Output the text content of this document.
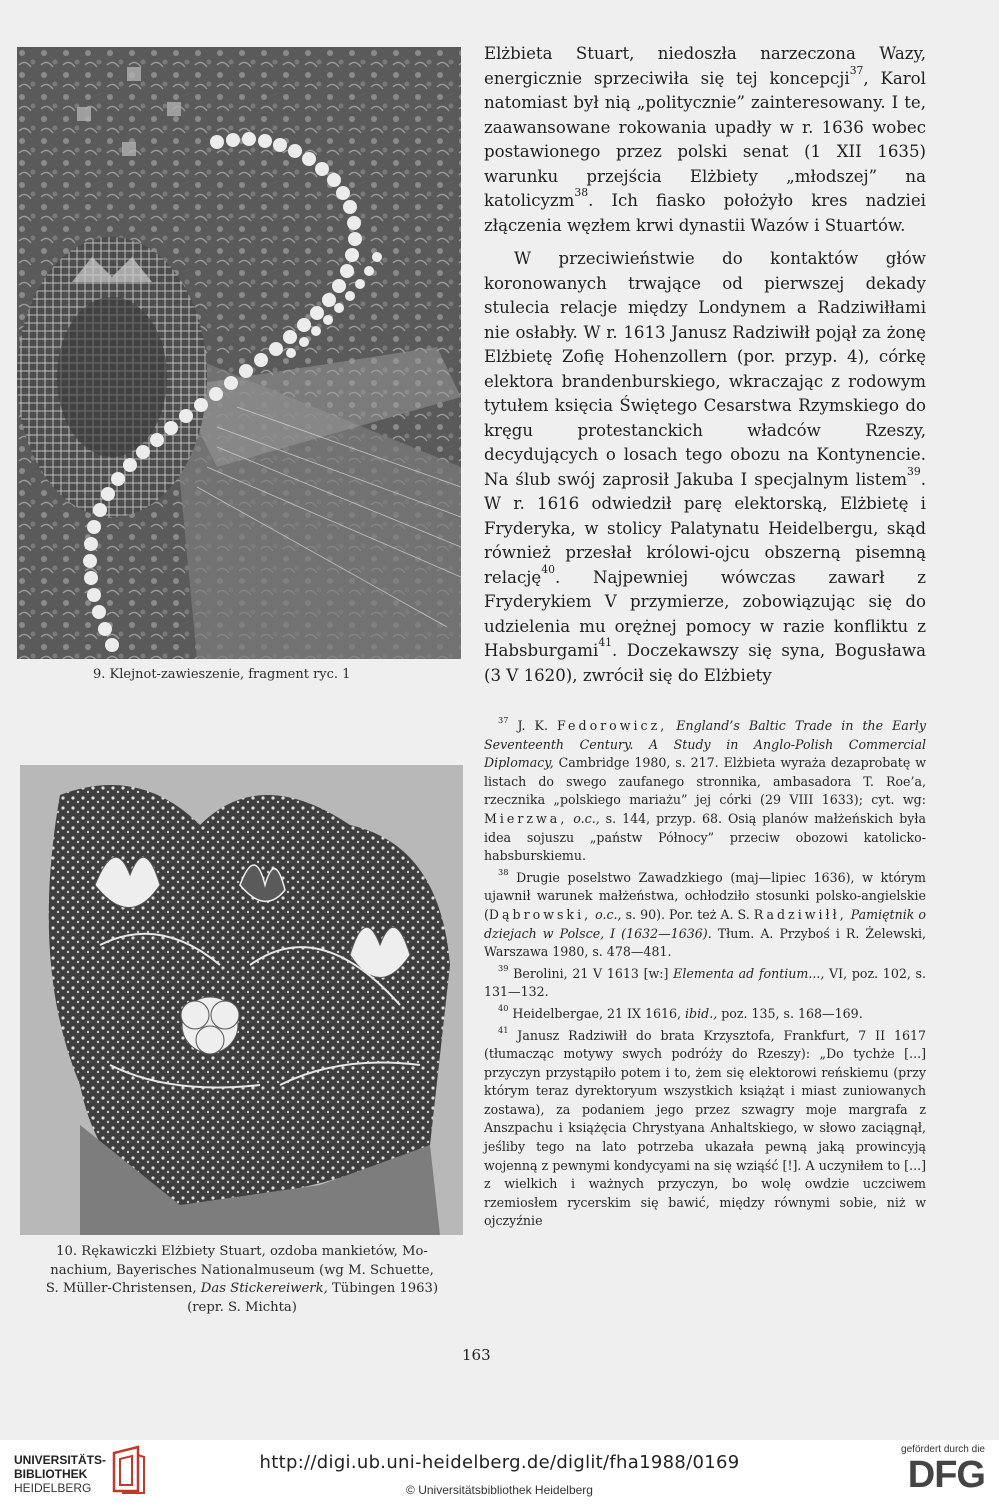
9. Klejnot-zawieszenie, fragment ryc. 1
10. Rękawiczki Elżbiety Stuart, ozdoba mankietów, Mo-
nachium, Bayerisches Nationalmuseum (wg M. Schuette,
S. Müller-Christensen, Das Stickereiwerk, Tübingen 1963)
(repr. S. Michta)

Elżbieta Stuart, niedoszła narzeczona Wazy, energicznie sprzeciwiła się tej koncepcji$^{37}$, Karol natomiast był nią „politycznie” zainteresowany. I te, zaawansowane rokowania upadły w r. 1636 wobec postawionego przez polski senat (1 XII 1635) warunku przejścia Elżbiety „młodszej” na katolicyzm$^{38}$. Ich fiasko położyło kres nadziei złączenia węzłem krwi dynastii Wazów i Stuartów.

W przeciwieństwie do kontaktów głów koronowanych trwające od pierwszej dekady stulecia relacje między Londynem a Radziwiłłami nie osłabły. W r. 1613 Janusz Radziwiłł pojął za żonę Elżbietę Zofię Hohenzollern (por. przyp. 4), córkę elektora brandenburskiego, wkraczając z rodowym tytułem księcia Świętego Cesarstwa Rzymskiego do kręgu protestanckich władców Rzeszy, decydujących o losach tego obozu na Kontynencie. Na ślub swój zaprosił Jakuba I specjalnym listem$^{39}$. W r. 1616 odwiedził parę elektorską, Elżbietę i Fryderyka, w stolicy Palatynatu Heidelbergu, skąd również przesłał królowi-ojcu obszerną pisemną relację$^{40}$. Najpewniej wówczas zawarł z Fryderykiem V przymierze, zobowiązując się do udzielenia mu orężnej pomocy w razie konfliktu z Habsburgami$^{41}$. Doczekawszy się syna, Bogusława (3 V 1620), zwrócił się do Elżbiety

$^{37}$ J. K. Fedorowicz, England’s Baltic Trade in the Early Seventeenth Century. A Study in Anglo-Polish Commercial Diplomacy, Cambridge 1980, s. 217. Elżbieta wyraża dezaprobatę w listach do swego zaufanego stronnika, ambasadora T. Roe’a, rzecznika „polskiego mariażu” jej córki (29 VIII 1633); cyt. wg: Mierzwa, o.c., s. 144, przyp. 68. Osią planów małżeńskich była idea sojuszu „państw Północy” przeciw obozowi katolicko-habsburskiemu.

$^{38}$ Drugie poselstwo Zawadzkiego (maj—lipiec 1636), w którym ujawnił warunek małżeństwa, ochłodziło stosunki polsko-angielskie (Dąbrowski, o.c., s. 90). Por. też A. S. Radziwiłł, Pamiętnik o dziejach w Polsce, I (1632—1636). Tłum. A. Przyboś i R. Żelewski, Warszawa 1980, s. 478—481.

$^{39}$ Berolini, 21 V 1613 [w:] Elementa ad fontium..., VI, poz. 102, s. 131—132.

$^{40}$ Heidelbergae, 21 IX 1616, ibid., poz. 135, s. 168—169.

$^{41}$ Janusz Radziwiłł do brata Krzysztofa, Frankfurt, 7 II 1617 (tłumacząc motywy swych podróży do Rzeszy): „Do tychże [...] przyczyn przystąpiło potem i to, żem się elektorowi reńskiemu (przy którym teraz dyrektoryum wszystkich książąt i miast zuniowanych zostawa), za podaniem jego przez szwagry moje margrafa z Anszpachu i książęcia Chrystyana Anhaltskiego, w słowo zaciągnął, jeśliby tego na lato potrzeba ukazała pewną jaką prowincyją wojenną z pewnymi kondycyami na się wziąść [!]. A uczyniłem to [...] z wielkich i ważnych przyczyn, bo wolę owdzie uczciwem rzemiosłem rycerskim się bawić, między równymi sobie, niż w ojczyźnie

163
UNIVERSITÄTS-
BIBLIOTHEK
HEIDELBERG
http://digi.ub.uni-heidelberg.de/diglit/fha1988/0169
© Universitätsbibliothek Heidelberg
gefördert durch die
DFG
